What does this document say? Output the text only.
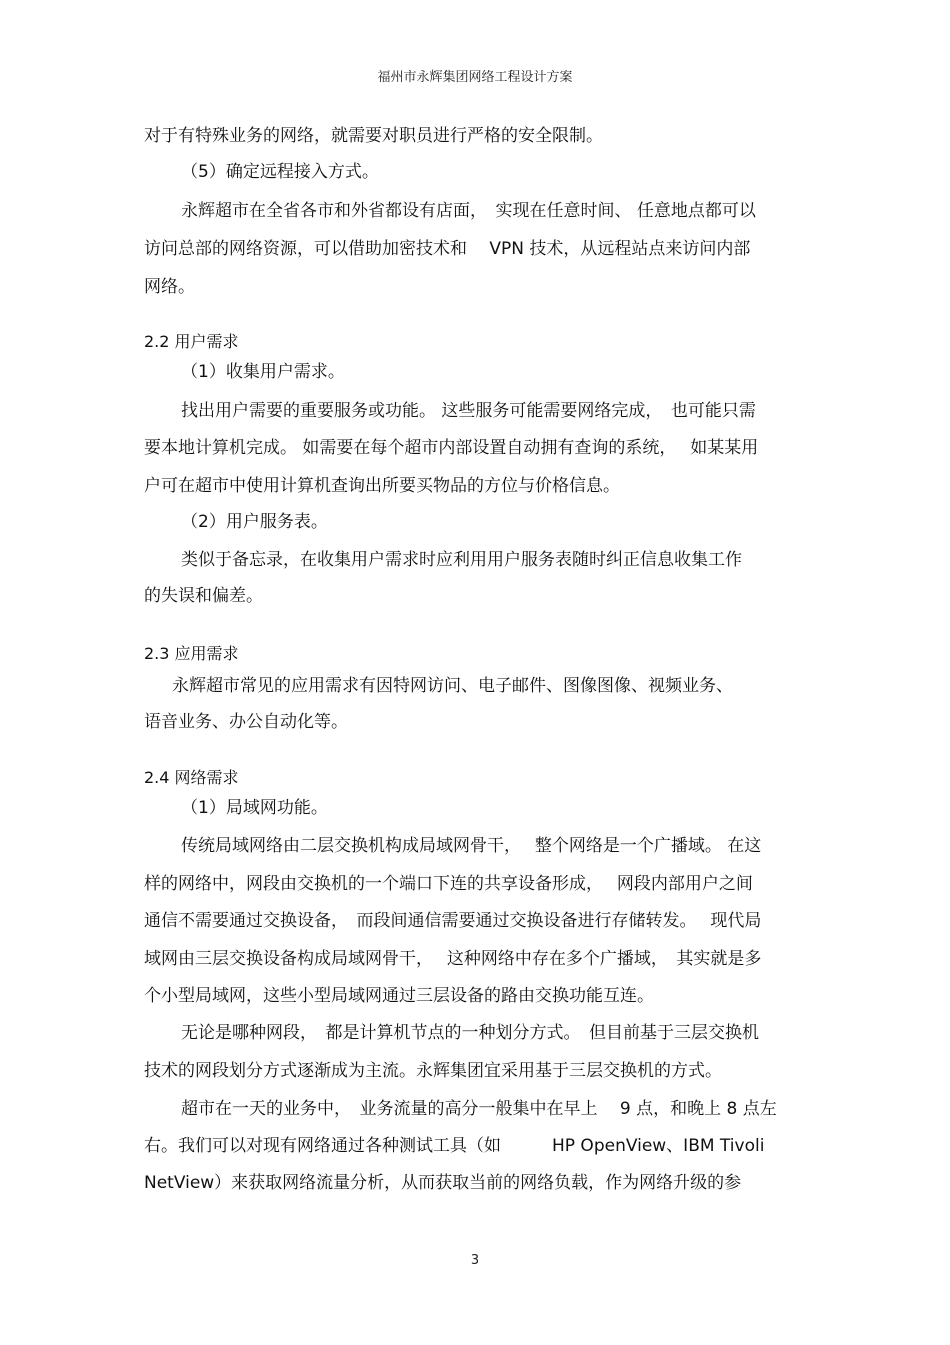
福州市永辉集团网络工程设计方案
对于有特殊业务的网络，就需要对职员进行严格的安全限制。
（5）确定远程接入方式。
永辉超市在全省各市和外省都设有店面，　实现在任意时间、 任意地点都可以
访问总部的网络资源，可以借助加密技术和　 VPN 技术，从远程站点来访问内部
网络。
2.2 用户需求
（1）收集用户需求。
找出用户需要的重要服务或功能。 这些服务可能需要网络完成，　也可能只需
要本地计算机完成。 如需要在每个超市内部设置自动拥有查询的系统，　 如某某用
户可在超市中使用计算机查询出所要买物品的方位与价格信息。
（2）用户服务表。
类似于备忘录，在收集用户需求时应利用用户服务表随时纠正信息收集工作
的失误和偏差。
2.3 应用需求
永辉超市常见的应用需求有因特网访问、电子邮件、图像图像、视频业务、
语音业务、办公自动化等。
2.4 网络需求
（1）局域网功能。
传统局域网络由二层交换机构成局域网骨干，　 整个网络是一个广播域。 在这
样的网络中，网段由交换机的一个端口下连的共享设备形成，　 网段内部用户之间
通信不需要通过交换设备，　而段间通信需要通过交换设备进行存储转发。　 现代局
域网由三层交换设备构成局域网骨干，　 这种网络中存在多个广播域，　其实就是多
个小型局域网，这些小型局域网通过三层设备的路由交换功能互连。
无论是哪种网段，　都是计算机节点的一种划分方式。　但目前基于三层交换机
技术的网段划分方式逐渐成为主流。永辉集团宜采用基于三层交换机的方式。
超市在一天的业务中，　业务流量的高分一般集中在早上　 9 点，和晚上 8 点左
右。我们可以对现有网络通过各种测试工具（如　　　HP OpenView、IBM Tivoli
NetView）来获取网络流量分析，从而获取当前的网络负载，作为网络升级的参
3
